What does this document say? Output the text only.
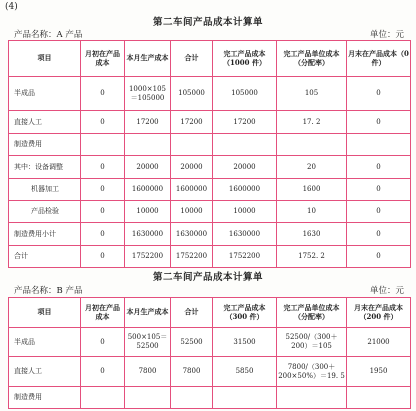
(4)
第二车间产品成本计算单
产品名称：A 产品	单位：元
项目	月初在产品成本	本月生产成本	合计	完工产品成本（1000 件）	完工产品单位成本（分配率）	月末在产品成本（0 件）
半成品	0	1000×105＝105000	105000	105000	105	0
直接人工	0	17200	17200	17200	17. 2	0
制造费用						
其中：设备调整	0	20000	20000	20000	20	0
机器加工	0	1600000	1600000	1600000	1600	0
产品检验	0	10000	10000	10000	10	0
制造费用小计	0	1630000	1630000	1630000	1630	0
合计	0	1752200	1752200	1752200	1752. 2	0
第二车间产品成本计算单
产品名称：B 产品	单位：元
项目	月初在产品成本	本月生产成本	合计	完工产品成本（300 件）	完工产品单位成本（分配率）	月末在产品成本（200 件）
半成品	0	500×105＝52500	52500	31500	52500/（300＋200）＝105	21000
直接人工	0	7800	7800	5850	7800/（300＋200×50%）＝19. 5	1950
制造费用						
